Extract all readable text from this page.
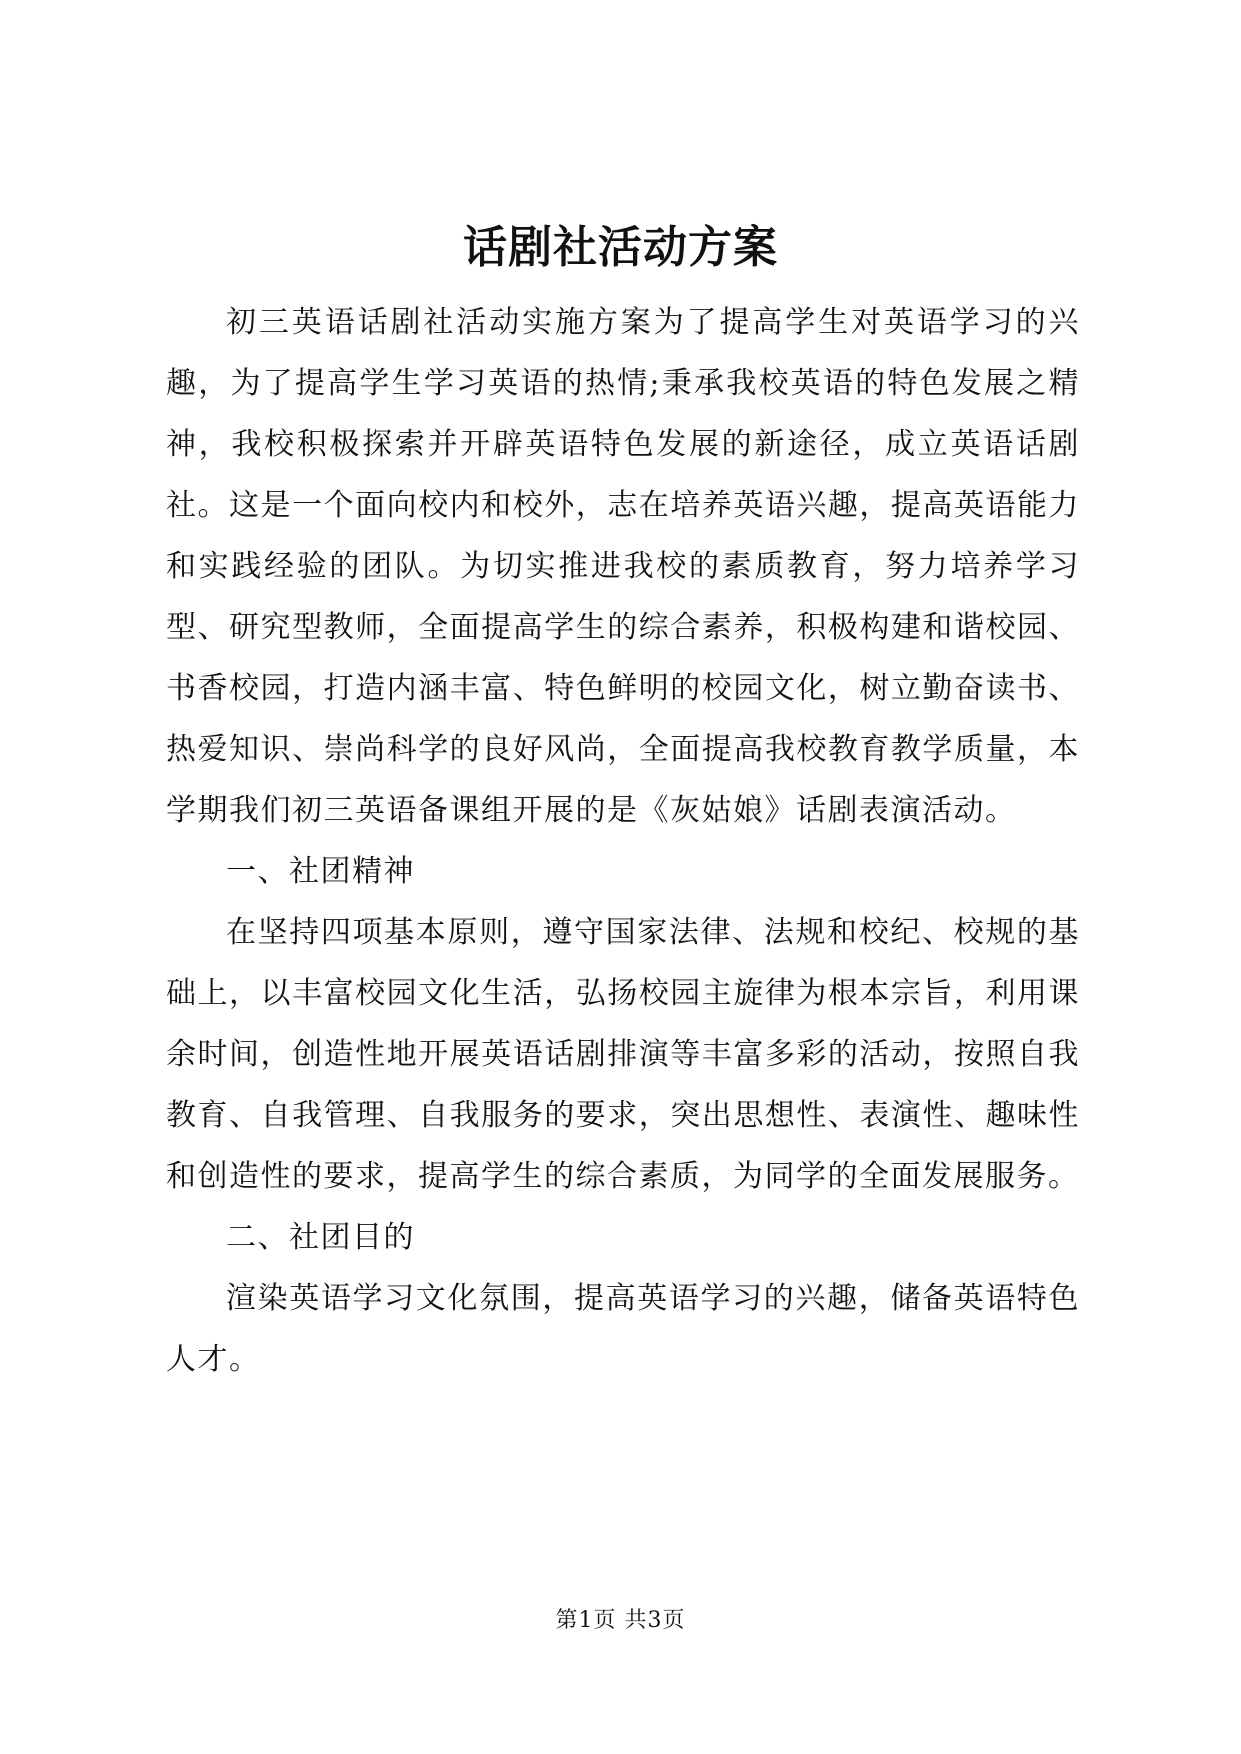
话剧社活动方案

初三英语话剧社活动实施方案为了提高学生对英语学习的兴趣，为了提高学生学习英语的热情;秉承我校英语的特色发展之精神，我校积极探索并开辟英语特色发展的新途径，成立英语话剧社。这是一个面向校内和校外，志在培养英语兴趣，提高英语能力和实践经验的团队。为切实推进我校的素质教育，努力培养学习型、研究型教师，全面提高学生的综合素养，积极构建和谐校园、书香校园，打造内涵丰富、特色鲜明的校园文化，树立勤奋读书、热爱知识、崇尚科学的良好风尚，全面提高我校教育教学质量，本学期我们初三英语备课组开展的是《灰姑娘》话剧表演活动。

一、社团精神

在坚持四项基本原则，遵守国家法律、法规和校纪、校规的基础上，以丰富校园文化生活，弘扬校园主旋律为根本宗旨，利用课余时间，创造性地开展英语话剧排演等丰富多彩的活动，按照自我教育、自我管理、自我服务的要求，突出思想性、表演性、趣味性和创造性的要求，提高学生的综合素质，为同学的全面发展服务。

二、社团目的

渲染英语学习文化氛围，提高英语学习的兴趣，储备英语特色人才。

第1页 共3页
